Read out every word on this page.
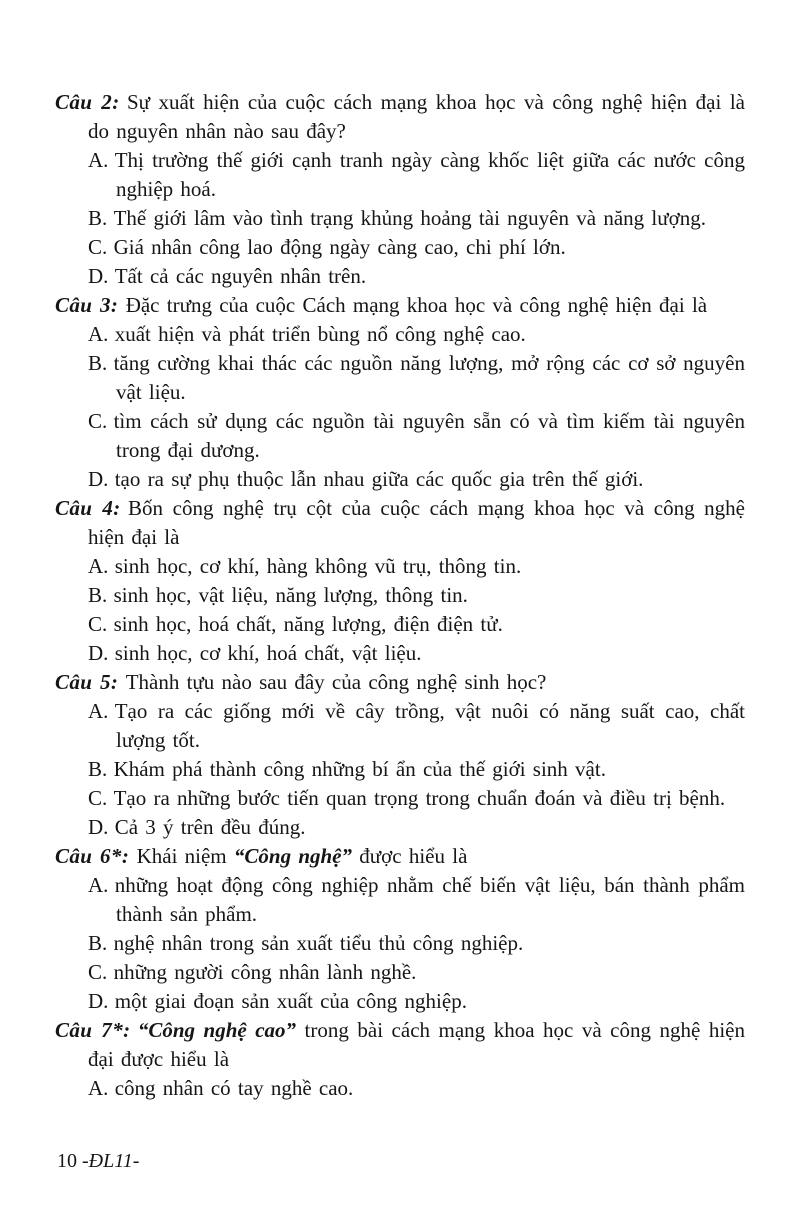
Câu 2: Sự xuất hiện của cuộc cách mạng khoa học và công nghệ hiện đại là do nguyên nhân nào sau đây?

A. Thị trường thế giới cạnh tranh ngày càng khốc liệt giữa các nước công nghiệp hoá.

B. Thế giới lâm vào tình trạng khủng hoảng tài nguyên và năng lượng.

C. Giá nhân công lao động ngày càng cao, chi phí lớn.

D. Tất cả các nguyên nhân trên.

Câu 3: Đặc trưng của cuộc Cách mạng khoa học và công nghệ hiện đại là

A. xuất hiện và phát triển bùng nổ công nghệ cao.

B. tăng cường khai thác các nguồn năng lượng, mở rộng các cơ sở nguyên vật liệu.

C. tìm cách sử dụng các nguồn tài nguyên sẵn có và tìm kiếm tài nguyên trong đại dương.

D. tạo ra sự phụ thuộc lẫn nhau giữa các quốc gia trên thế giới.

Câu 4: Bốn công nghệ trụ cột của cuộc cách mạng khoa học và công nghệ hiện đại là

A. sinh học, cơ khí, hàng không vũ trụ, thông tin.

B. sinh học, vật liệu, năng lượng, thông tin.

C. sinh học, hoá chất, năng lượng, điện điện tử.

D. sinh học, cơ khí, hoá chất, vật liệu.

Câu 5: Thành tựu nào sau đây của công nghệ sinh học?

A. Tạo ra các giống mới về cây trồng, vật nuôi có năng suất cao, chất lượng tốt.

B. Khám phá thành công những bí ẩn của thế giới sinh vật.

C. Tạo ra những bước tiến quan trọng trong chuẩn đoán và điều trị bệnh.

D. Cả 3 ý trên đều đúng.

Câu 6*: Khái niệm “Công nghệ” được hiểu là

A. những hoạt động công nghiệp nhằm chế biến vật liệu, bán thành phẩm thành sản phẩm.

B. nghệ nhân trong sản xuất tiểu thủ công nghiệp.

C. những người công nhân lành nghề.

D. một giai đoạn sản xuất của công nghiệp.

Câu 7*: “Công nghệ cao” trong bài cách mạng khoa học và công nghệ hiện đại được hiểu là

A. công nhân có tay nghề cao.

10 -ĐL11-
